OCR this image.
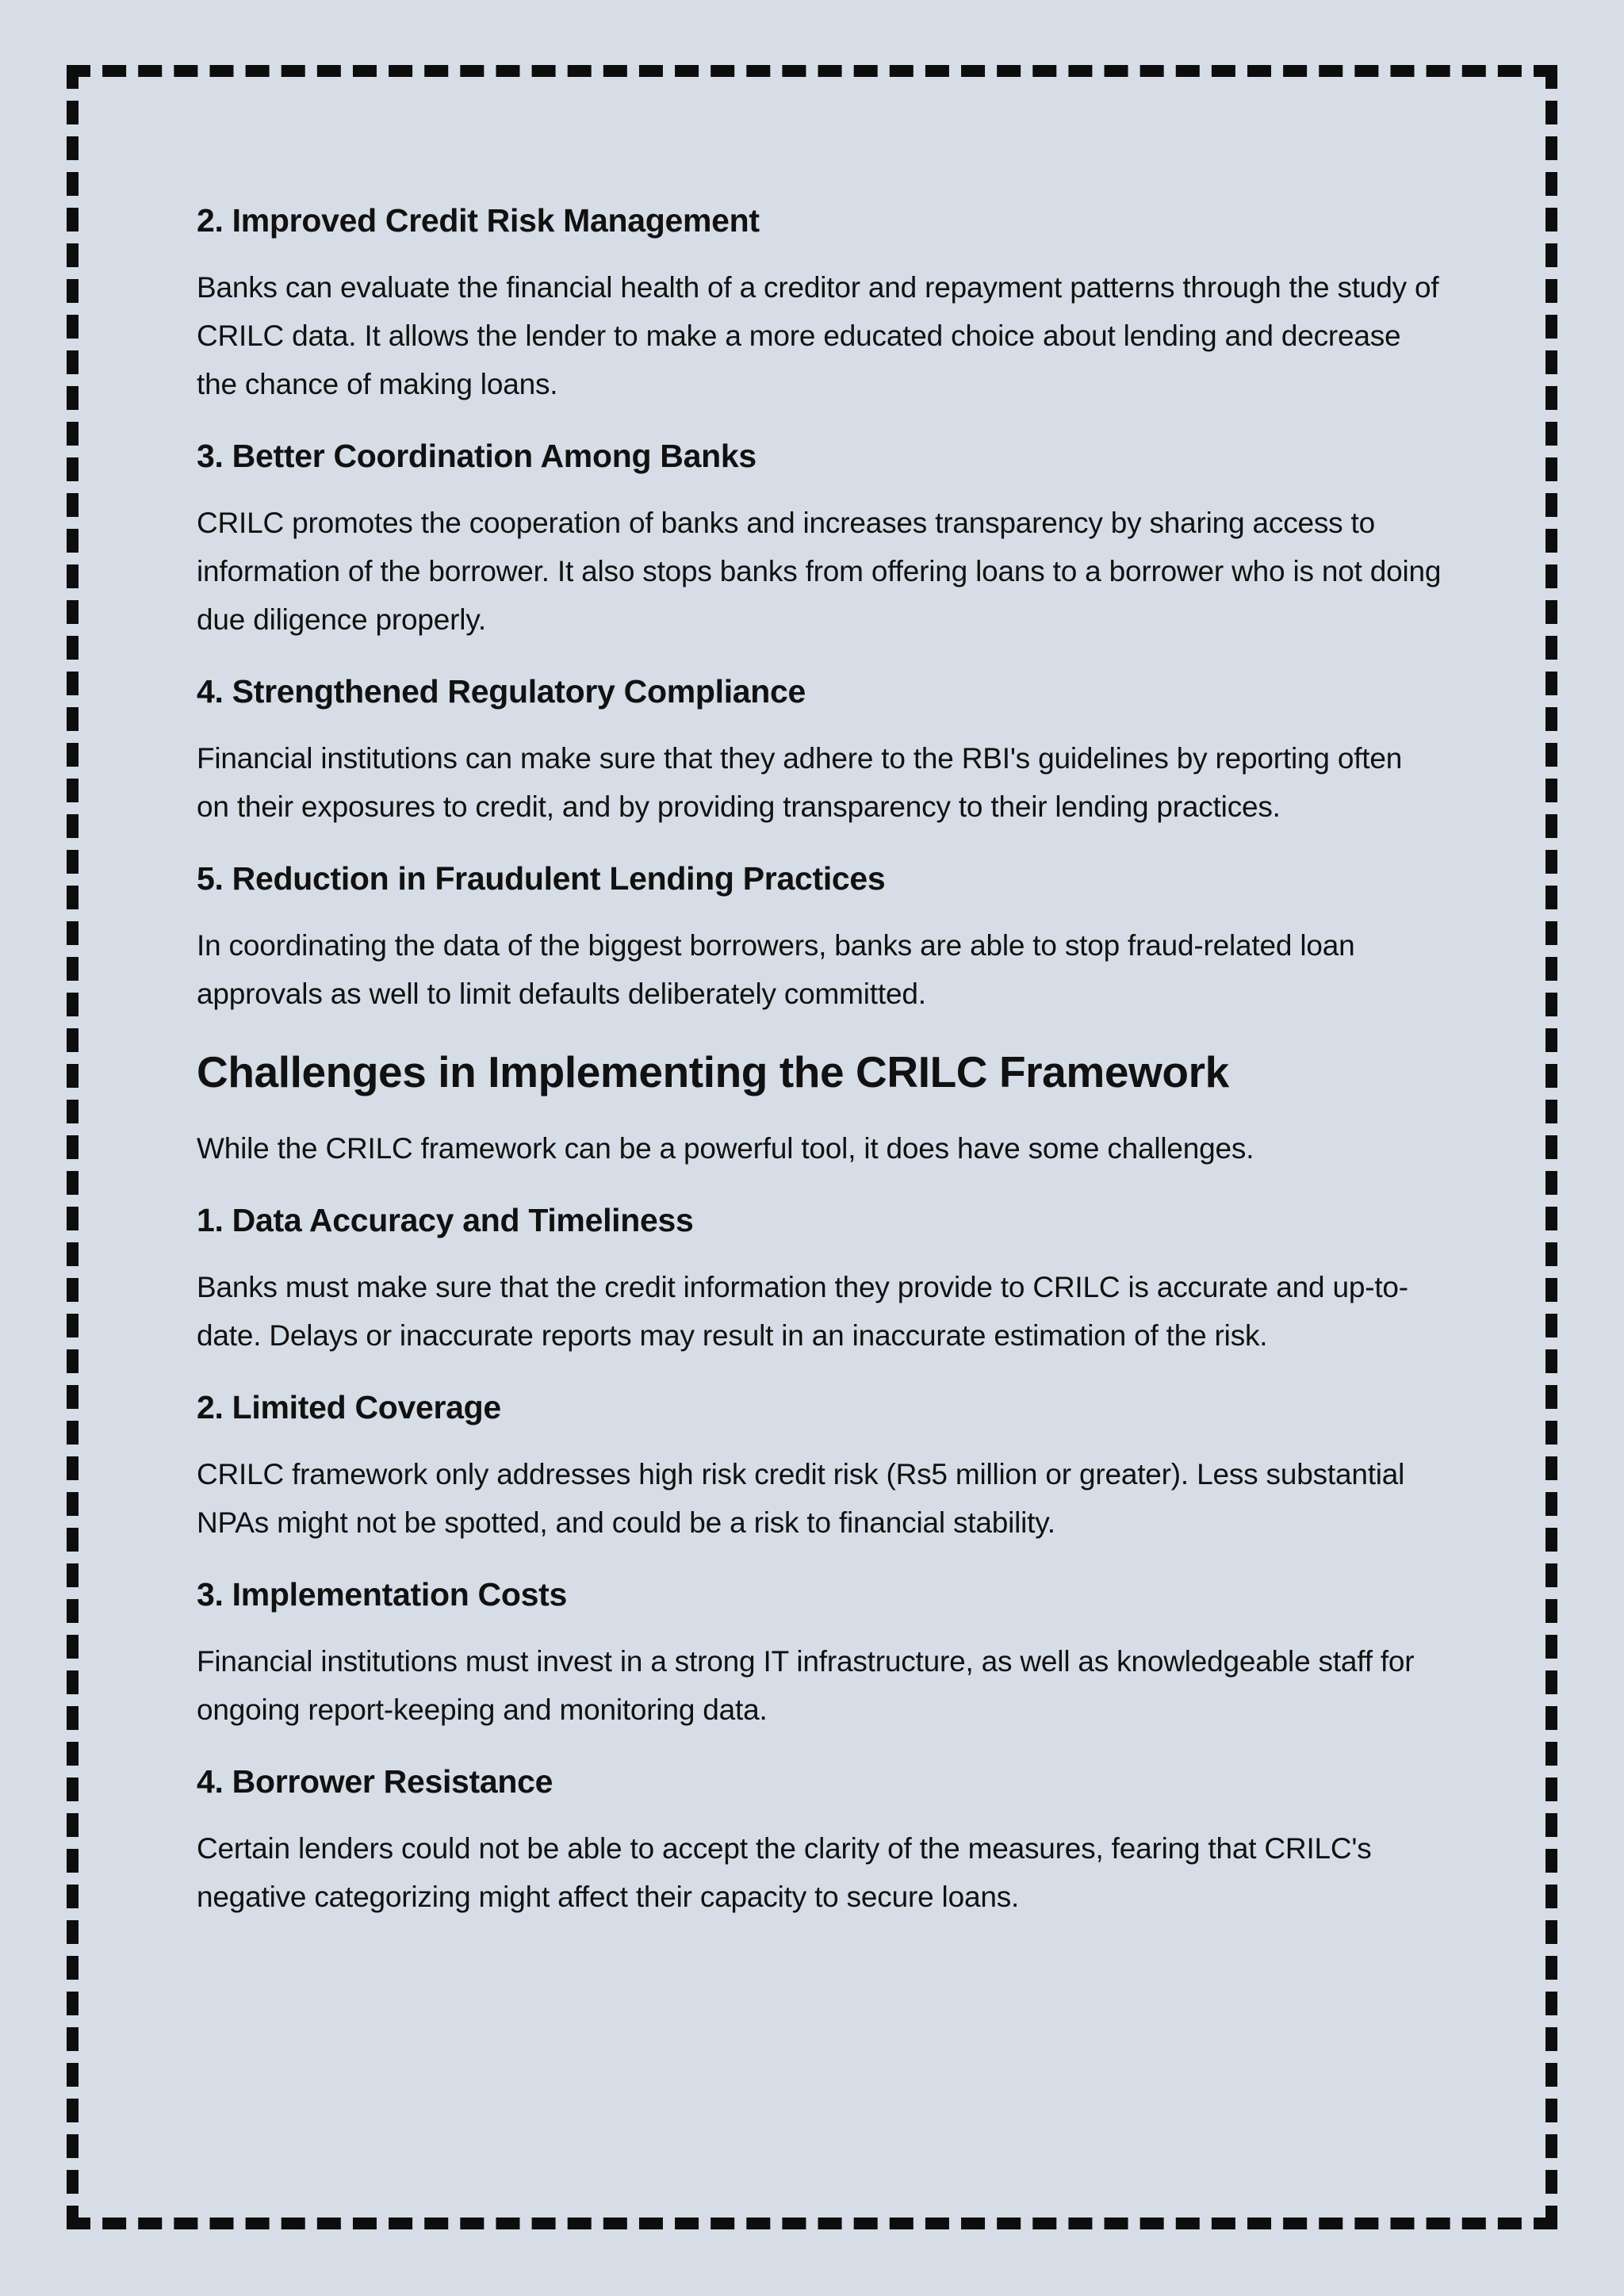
2. Improved Credit Risk Management

Banks can evaluate the financial health of a creditor and repayment patterns through the study of CRILC data. It allows the lender to make a more educated choice about lending and decrease the chance of making loans.

3. Better Coordination Among Banks

CRILC promotes the cooperation of banks and increases transparency by sharing access to information of the borrower. It also stops banks from offering loans to a borrower who is not doing due diligence properly.

4. Strengthened Regulatory Compliance

Financial institutions can make sure that they adhere to the RBI's guidelines by reporting often on their exposures to credit, and by providing transparency to their lending practices.

5. Reduction in Fraudulent Lending Practices

In coordinating the data of the biggest borrowers, banks are able to stop fraud-related loan approvals as well to limit defaults deliberately committed.

Challenges in Implementing the CRILC Framework

While the CRILC framework can be a powerful tool, it does have some challenges.

1. Data Accuracy and Timeliness

Banks must make sure that the credit information they provide to CRILC is accurate and up-to-date. Delays or inaccurate reports may result in an inaccurate estimation of the risk.

2. Limited Coverage

CRILC framework only addresses high risk credit risk (Rs5 million or greater). Less substantial NPAs might not be spotted, and could be a risk to financial stability.

3. Implementation Costs

Financial institutions must invest in a strong IT infrastructure, as well as knowledgeable staff for ongoing report-keeping and monitoring data.

4. Borrower Resistance

Certain lenders could not be able to accept the clarity of the measures, fearing that CRILC's negative categorizing might affect their capacity to secure loans.
